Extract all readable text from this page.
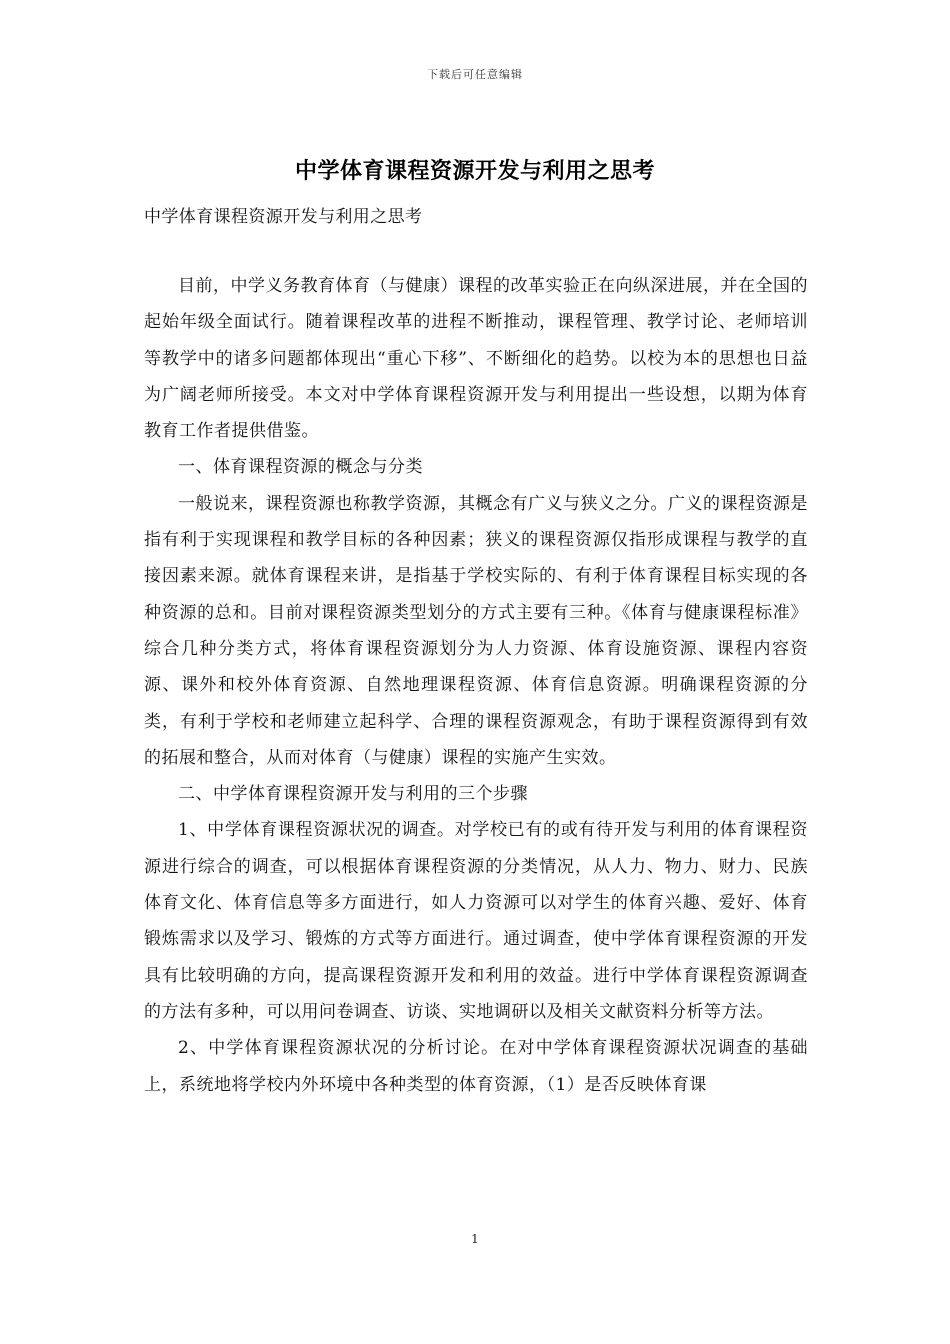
下载后可任意编辑
中学体育课程资源开发与利用之思考
中学体育课程资源开发与利用之思考

目前，中学义务教育体育（与健康）课程的改革实验正在向纵深进展，并在全国的起始年级全面试行。随着课程改革的进程不断推动，课程管理、教学讨论、老师培训等教学中的诸多问题都体现出“重心下移”、不断细化的趋势。以校为本的思想也日益为广阔老师所接受。本文对中学体育课程资源开发与利用提出一些设想，以期为体育教育工作者提供借鉴。

一、体育课程资源的概念与分类

一般说来，课程资源也称教学资源，其概念有广义与狭义之分。广义的课程资源是指有利于实现课程和教学目标的各种因素；狭义的课程资源仅指形成课程与教学的直接因素来源。就体育课程来讲，是指基于学校实际的、有利于体育课程目标实现的各种资源的总和。目前对课程资源类型划分的方式主要有三种。《体育与健康课程标准》综合几种分类方式，将体育课程资源划分为人力资源、体育设施资源、课程内容资源、课外和校外体育资源、自然地理课程资源、体育信息资源。明确课程资源的分类，有利于学校和老师建立起科学、合理的课程资源观念，有助于课程资源得到有效的拓展和整合，从而对体育（与健康）课程的实施产生实效。

二、中学体育课程资源开发与利用的三个步骤

1、中学体育课程资源状况的调查。对学校已有的或有待开发与利用的体育课程资源进行综合的调查，可以根据体育课程资源的分类情况，从人力、物力、财力、民族体育文化、体育信息等多方面进行，如人力资源可以对学生的体育兴趣、爱好、体育锻炼需求以及学习、锻炼的方式等方面进行。通过调查，使中学体育课程资源的开发具有比较明确的方向，提高课程资源开发和利用的效益。进行中学体育课程资源调查的方法有多种，可以用问卷调查、访谈、实地调研以及相关文献资料分析等方法。

2、中学体育课程资源状况的分析讨论。在对中学体育课程资源状况调查的基础上，系统地将学校内外环境中各种类型的体育资源，（1）是否反映体育课

1
